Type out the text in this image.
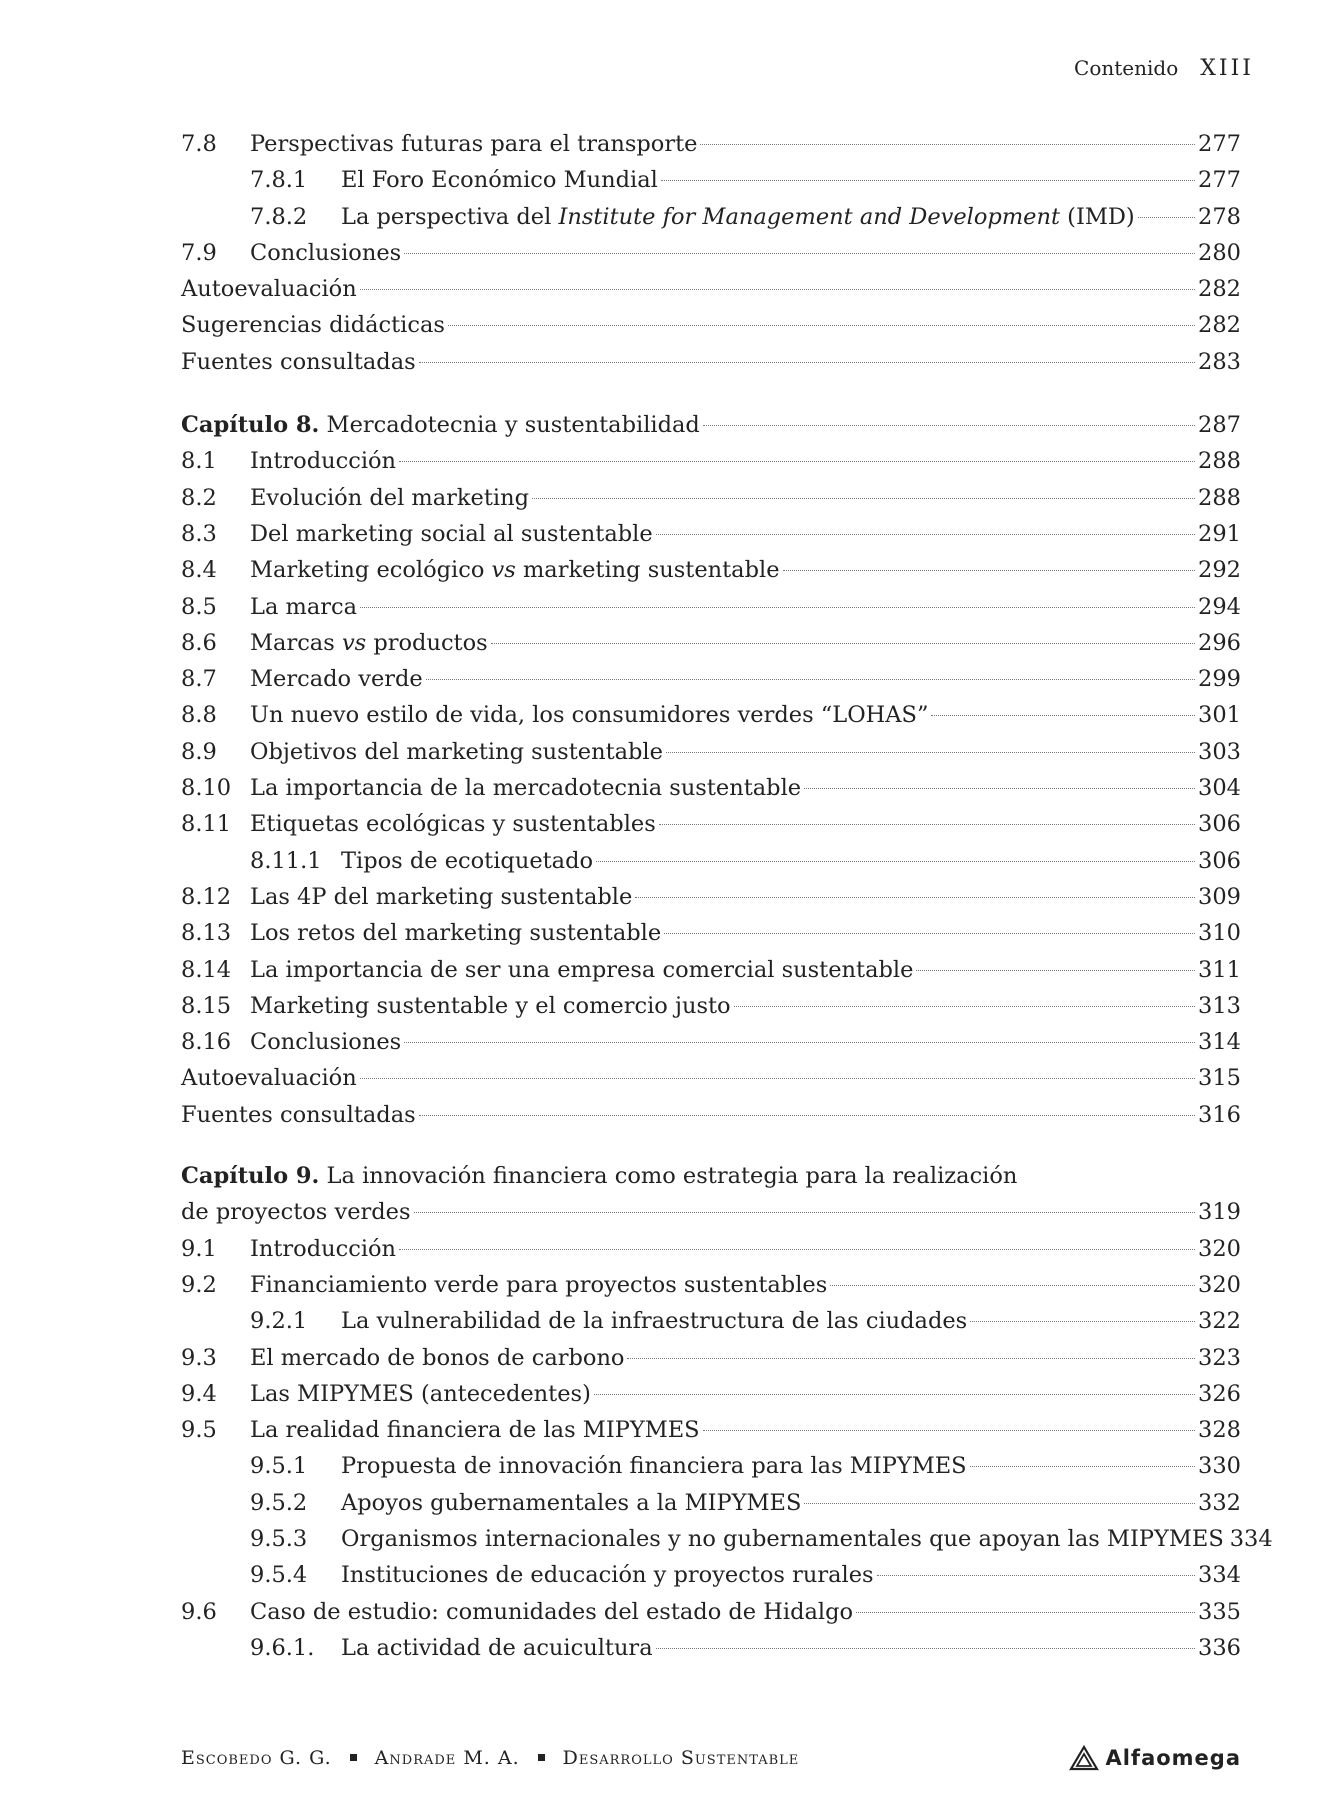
Contenido XIII
7.8	Perspectivas futuras para el transporte	277
7.8.1	El Foro Económico Mundial	277
7.8.2	La perspectiva del Institute for Management and Development (IMD)	278
7.9	Conclusiones	280
Autoevaluación	282
Sugerencias didácticas	282
Fuentes consultadas	283
Capítulo 8. Mercadotecnia y sustentabilidad	287
8.1	Introducción	288
8.2	Evolución del marketing	288
8.3	Del marketing social al sustentable	291
8.4	Marketing ecológico vs marketing sustentable	292
8.5	La marca	294
8.6	Marcas vs productos	296
8.7	Mercado verde	299
8.8	Un nuevo estilo de vida, los consumidores verdes “LOHAS”	301
8.9	Objetivos del marketing sustentable	303
8.10 La importancia de la mercadotecnia sustentable	304
8.11 Etiquetas ecológicas y sustentables	306
8.11.1 Tipos de ecotiquetado	306
8.12 Las 4P del marketing sustentable	309
8.13 Los retos del marketing sustentable	310
8.14 La importancia de ser una empresa comercial sustentable	311
8.15 Marketing sustentable y el comercio justo	313
8.16 Conclusiones	314
Autoevaluación	315
Fuentes consultadas	316
Capítulo 9. La innovación financiera como estrategia para la realización
de proyectos verdes	319
9.1	Introducción	320
9.2	Financiamiento verde para proyectos sustentables	320
9.2.1	La vulnerabilidad de la infraestructura de las ciudades	322
9.3	El mercado de bonos de carbono	323
9.4	Las MIPYMES (antecedentes)	326
9.5	La realidad financiera de las MIPYMES	328
9.5.1	Propuesta de innovación financiera para las MIPYMES	330
9.5.2	Apoyos gubernamentales a la MIPYMES	332
9.5.3	Organismos internacionales y no gubernamentales que apoyan las MIPYMES 334
9.5.4	Instituciones de educación y proyectos rurales	334
9.6	Caso de estudio: comunidades del estado de Hidalgo	335
9.6.1.	La actividad de acuicultura	336
Escobedo G. G. Andrade M. A. Desarrollo Sustentable	Alfaomega
